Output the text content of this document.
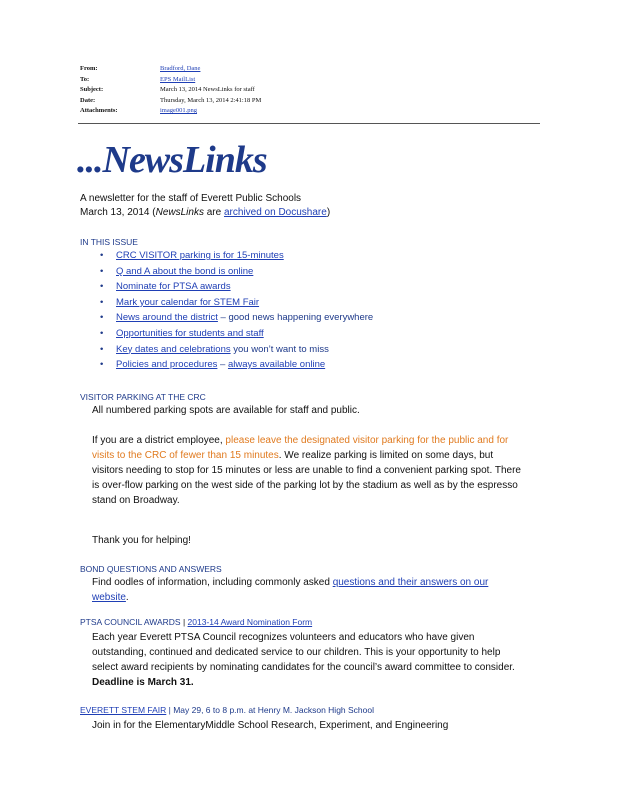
From:	Bradford, Dane
To:	EPS MailList
Subject:	March 13, 2014 NewsLinks for staff
Date:	Thursday, March 13, 2014 2:41:18 PM
Attachments:	image001.png
...NewsLinks
A newsletter for the staff of Everett Public Schools
March 13, 2014 (NewsLinks are archived on Docushare)
IN THIS ISSUE
• CRC VISITOR parking is for 15-minutes
• Q and A about the bond is online
• Nominate for PTSA awards
• Mark your calendar for STEM Fair
• News around the district – good news happening everywhere
• Opportunities for students and staff
• Key dates and celebrations you won’t want to miss
• Policies and procedures – always available online
VISITOR PARKING AT THE CRC
All numbered parking spots are available for staff and public.
If you are a district employee, please leave the designated visitor parking for the public and for visits to the CRC of fewer than 15 minutes. We realize parking is limited on some days, but visitors needing to stop for 15 minutes or less are unable to find a convenient parking spot. There is over-flow parking on the west side of the parking lot by the stadium as well as by the espresso stand on Broadway.
Thank you for helping!
BOND QUESTIONS AND ANSWERS
Find oodles of information, including commonly asked questions and their answers on our website.
PTSA COUNCIL AWARDS | 2013-14 Award Nomination Form
Each year Everett PTSA Council recognizes volunteers and educators who have given outstanding, continued and dedicated service to our children. This is your opportunity to help select award recipients by nominating candidates for the council’s award committee to consider. Deadline is March 31.
EVERETT STEM FAIR | May 29, 6 to 8 p.m. at Henry M. Jackson High School
Join in for the ElementaryMiddle School Research, Experiment, and Engineering
